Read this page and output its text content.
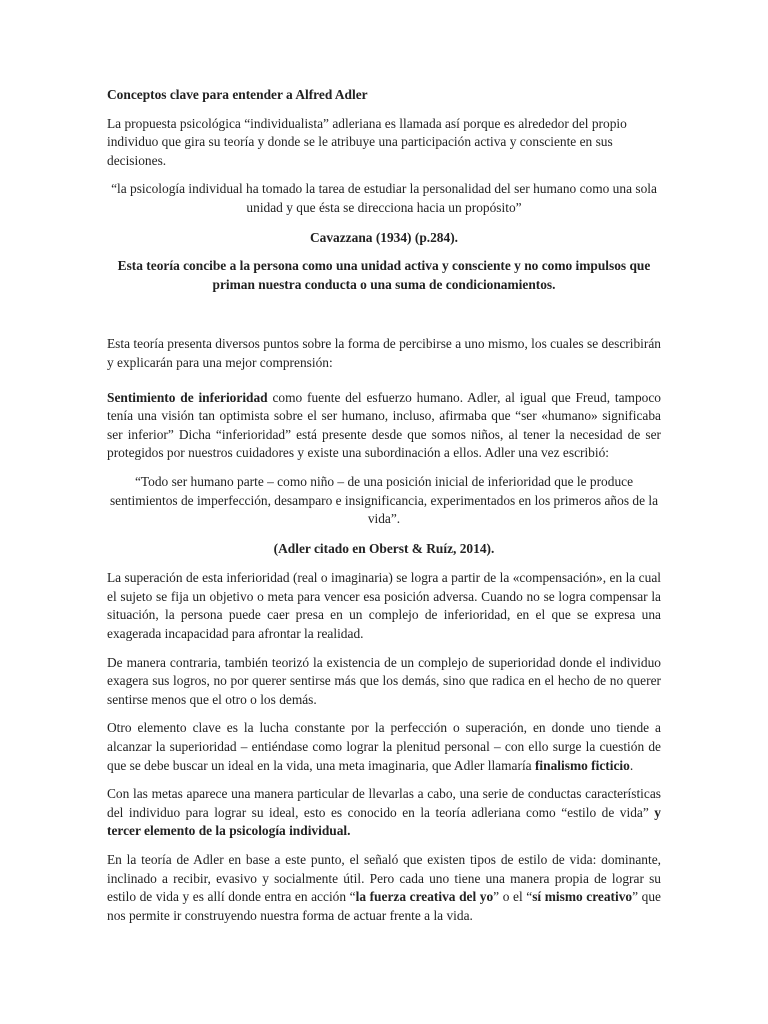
Conceptos clave para entender a Alfred Adler

La propuesta psicológica “individualista” adleriana es llamada así porque es alrededor del propio individuo que gira su teoría y donde se le atribuye una participación activa y consciente en sus decisiones.

“la psicología individual ha tomado la tarea de estudiar la personalidad del ser humano como una sola unidad y que ésta se direcciona hacia un propósito”

Cavazzana (1934) (p.284).

Esta teoría concibe a la persona como una unidad activa y consciente y no como impulsos que priman nuestra conducta o una suma de condicionamientos.

Esta teoría presenta diversos puntos sobre la forma de percibirse a uno mismo, los cuales se describirán y explicarán para una mejor comprensión:

Sentimiento de inferioridad como fuente del esfuerzo humano. Adler, al igual que Freud, tampoco tenía una visión tan optimista sobre el ser humano, incluso, afirmaba que “ser «humano» significaba ser inferior” Dicha “inferioridad” está presente desde que somos niños, al tener la necesidad de ser protegidos por nuestros cuidadores y existe una subordinación a ellos. Adler una vez escribió:

“Todo ser humano parte – como niño – de una posición inicial de inferioridad que le produce sentimientos de imperfección, desamparo e insignificancia, experimentados en los primeros años de la vida”.

(Adler citado en Oberst & Ruíz, 2014).

La superación de esta inferioridad (real o imaginaria) se logra a partir de la «compensación», en la cual el sujeto se fija un objetivo o meta para vencer esa posición adversa. Cuando no se logra compensar la situación, la persona puede caer presa en un complejo de inferioridad, en el que se expresa una exagerada incapacidad para afrontar la realidad.

De manera contraria, también teorizó la existencia de un complejo de superioridad donde el individuo exagera sus logros, no por querer sentirse más que los demás, sino que radica en el hecho de no querer sentirse menos que el otro o los demás.

Otro elemento clave es la lucha constante por la perfección o superación, en donde uno tiende a alcanzar la superioridad – entiéndase como lograr la plenitud personal – con ello surge la cuestión de que se debe buscar un ideal en la vida, una meta imaginaria, que Adler llamaría finalismo ficticio.

Con las metas aparece una manera particular de llevarlas a cabo, una serie de conductas características del individuo para lograr su ideal, esto es conocido en la teoría adleriana como “estilo de vida” y tercer elemento de la psicología individual.

En la teoría de Adler en base a este punto, el señaló que existen tipos de estilo de vida: dominante, inclinado a recibir, evasivo y socialmente útil. Pero cada uno tiene una manera propia de lograr su estilo de vida y es allí donde entra en acción “la fuerza creativa del yo” o el “sí mismo creativo” que nos permite ir construyendo nuestra forma de actuar frente a la vida.
